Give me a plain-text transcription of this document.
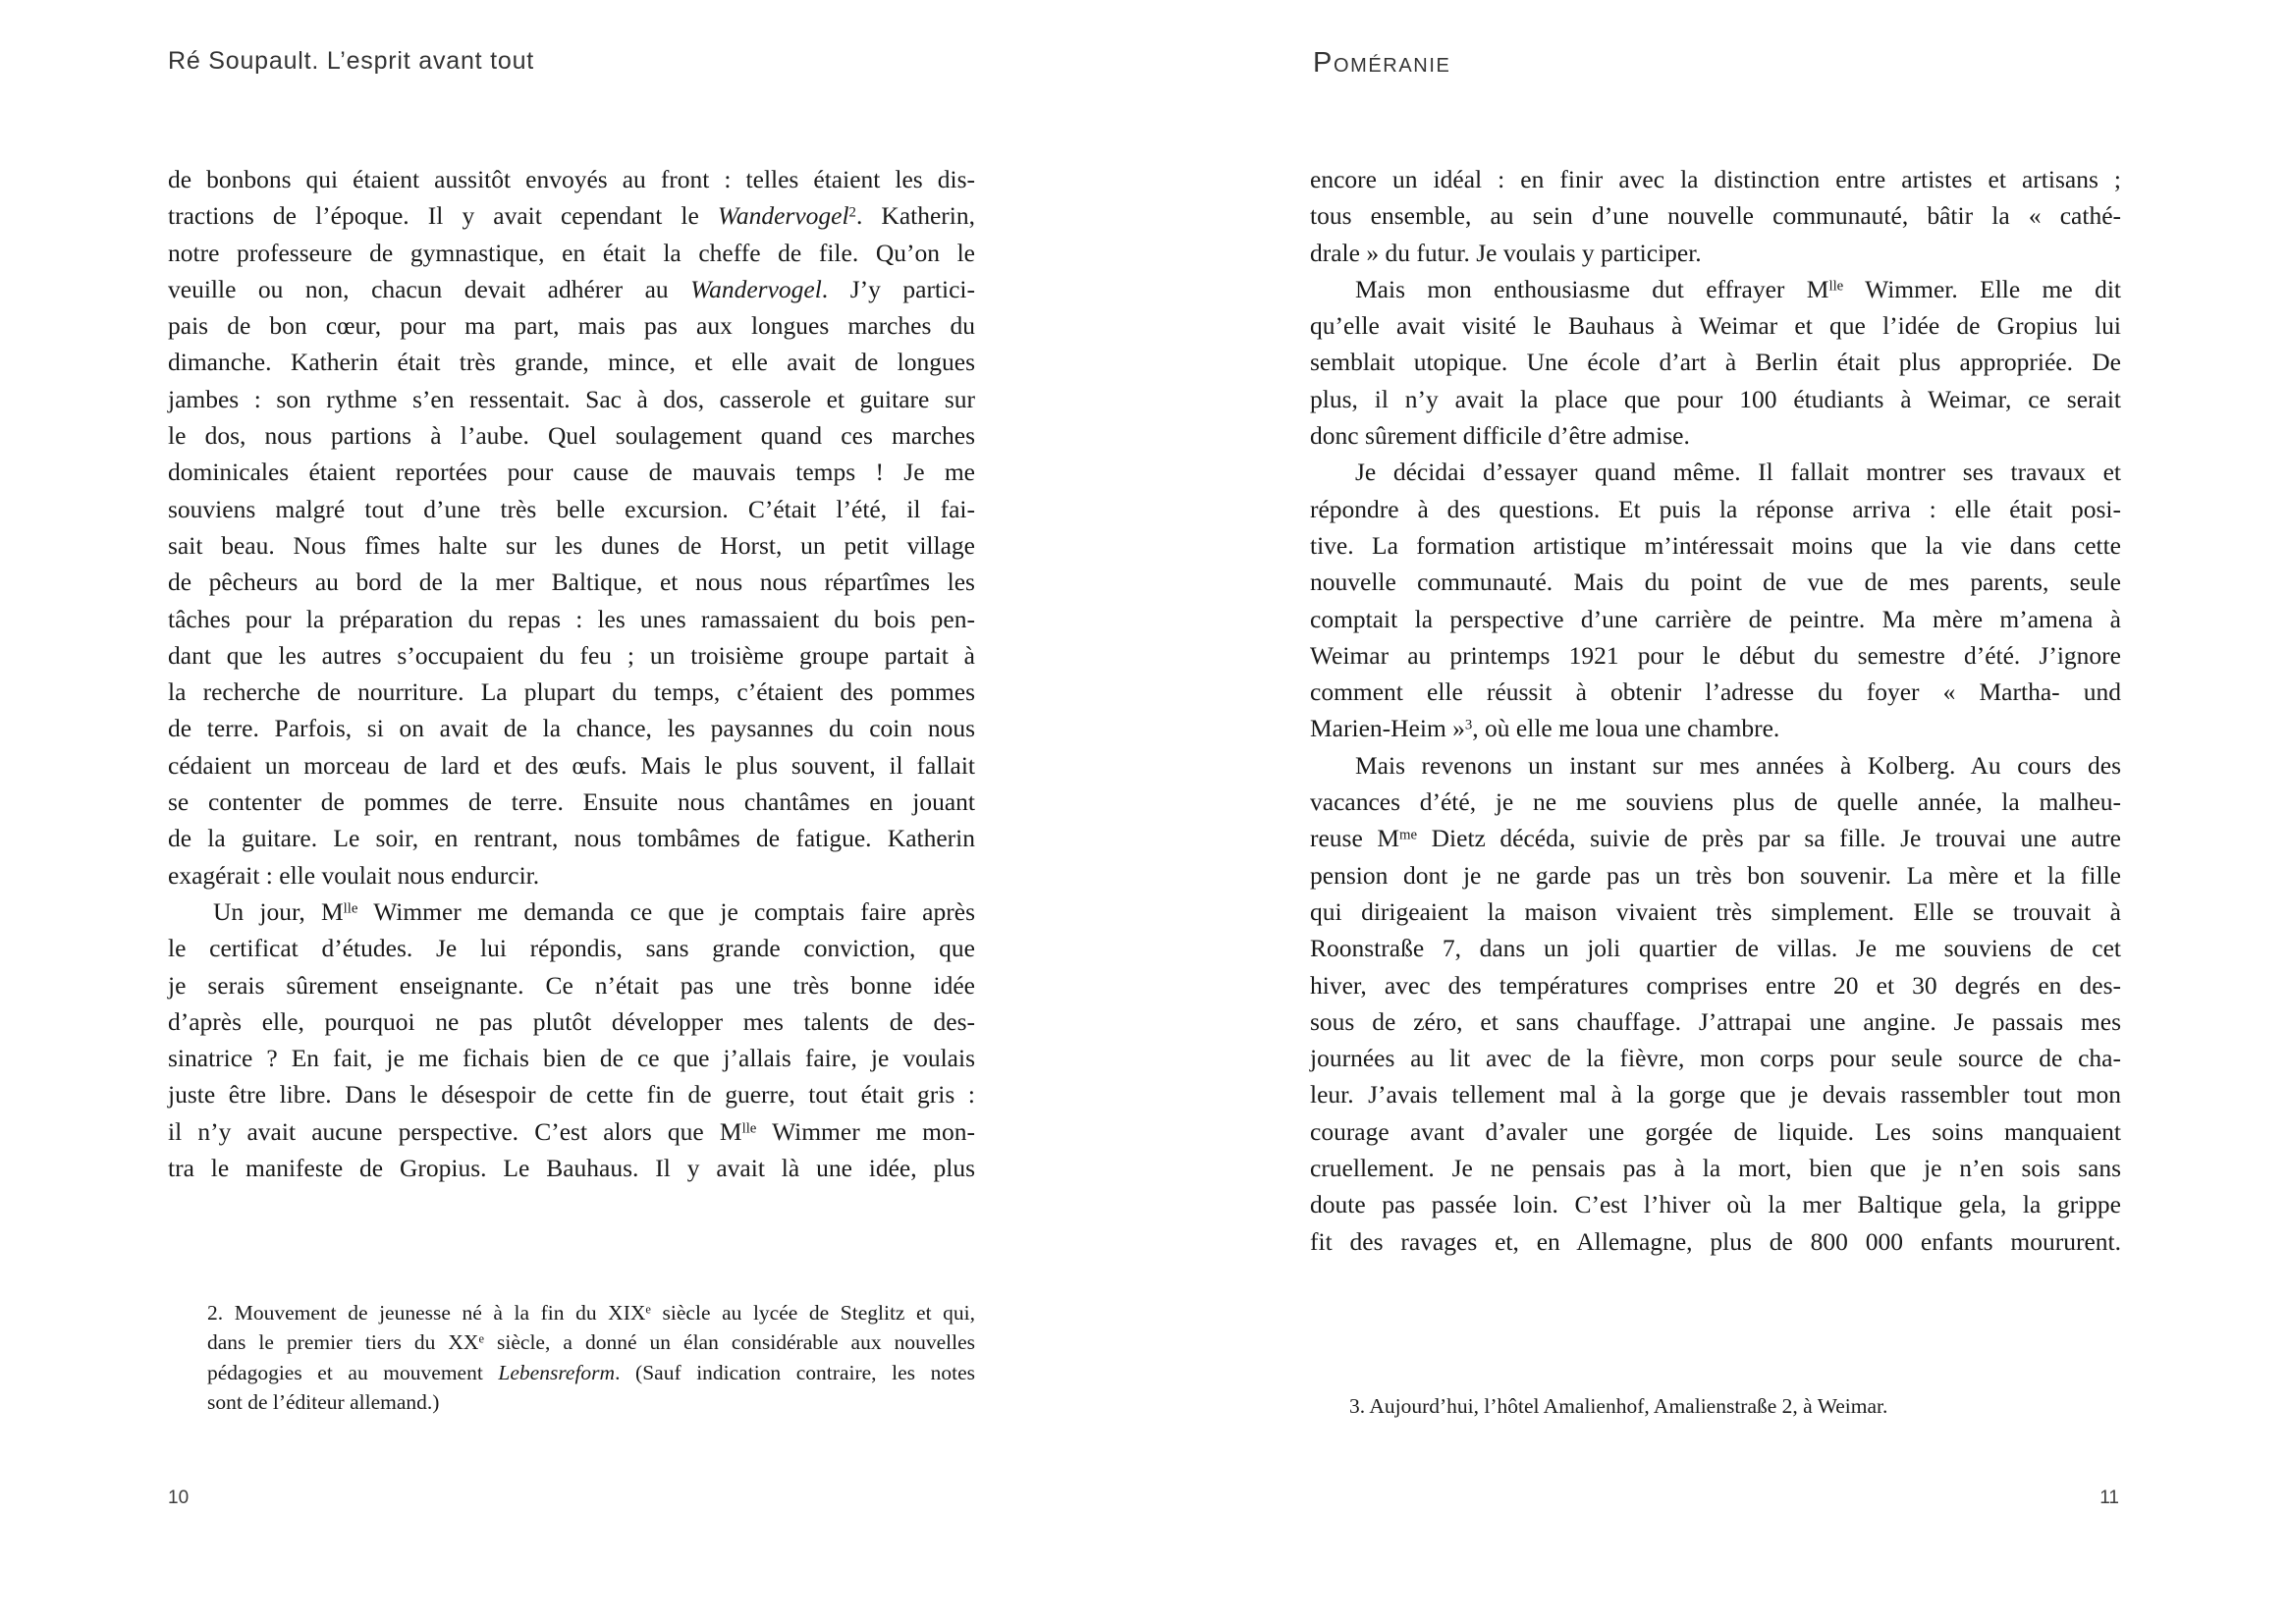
Ré Soupault. L’esprit avant tout	Poméranie
de bonbons qui étaient aussitôt envoyés au front : telles étaient les dis-
tractions de l’époque. Il y avait cependant le Wandervogel$^2$. Katherin,
notre professeure de gymnastique, en était la cheffe de file. Qu’on le
veuille ou non, chacun devait adhérer au Wandervogel. J’y partici-
pais de bon cœur, pour ma part, mais pas aux longues marches du
dimanche. Katherin était très grande, mince, et elle avait de longues
jambes : son rythme s’en ressentait. Sac à dos, casserole et guitare sur
le dos, nous partions à l’aube. Quel soulagement quand ces marches
dominicales étaient reportées pour cause de mauvais temps ! Je me
souviens malgré tout d’une très belle excursion. C’était l’été, il fai-
sait beau. Nous fîmes halte sur les dunes de Horst, un petit village
de pêcheurs au bord de la mer Baltique, et nous nous répartîmes les
tâches pour la préparation du repas : les unes ramassaient du bois pen-
dant que les autres s’occupaient du feu ; un troisième groupe partait à
la recherche de nourriture. La plupart du temps, c’étaient des pommes
de terre. Parfois, si on avait de la chance, les paysannes du coin nous
cédaient un morceau de lard et des œufs. Mais le plus souvent, il fallait
se contenter de pommes de terre. Ensuite nous chantâmes en jouant
de la guitare. Le soir, en rentrant, nous tombâmes de fatigue. Katherin
exagérait : elle voulait nous endurcir.
Un jour, $M^{lle}$ Wimmer me demanda ce que je comptais faire après
le certificat d’études. Je lui répondis, sans grande conviction, que
je serais sûrement enseignante. Ce n’était pas une très bonne idée
d’après elle, pourquoi ne pas plutôt développer mes talents de des-
sinatrice ? En fait, je me fichais bien de ce que j’allais faire, je voulais
juste être libre. Dans le désespoir de cette fin de guerre, tout était gris :
il n’y avait aucune perspective. C’est alors que $M^{lle}$ Wimmer me mon-
tra le manifeste de Gropius. Le Bauhaus. Il y avait là une idée, plus
encore un idéal : en finir avec la distinction entre artistes et artisans ;
tous ensemble, au sein d’une nouvelle communauté, bâtir la « cathé-
drale » du futur. Je voulais y participer.
Mais mon enthousiasme dut effrayer $M^{lle}$ Wimmer. Elle me dit
qu’elle avait visité le Bauhaus à Weimar et que l’idée de Gropius lui
semblait utopique. Une école d’art à Berlin était plus appropriée. De
plus, il n’y avait la place que pour 100 étudiants à Weimar, ce serait
donc sûrement difficile d’être admise.
Je décidai d’essayer quand même. Il fallait montrer ses travaux et
répondre à des questions. Et puis la réponse arriva : elle était posi-
tive. La formation artistique m’intéressait moins que la vie dans cette
nouvelle communauté. Mais du point de vue de mes parents, seule
comptait la perspective d’une carrière de peintre. Ma mère m’amena à
Weimar au printemps 1921 pour le début du semestre d’été. J’ignore
comment elle réussit à obtenir l’adresse du foyer « Martha- und
Marien-Heim »$^3$, où elle me loua une chambre.
Mais revenons un instant sur mes années à Kolberg. Au cours des
vacances d’été, je ne me souviens plus de quelle année, la malheu-
reuse $M^{me}$ Dietz décéda, suivie de près par sa fille. Je trouvai une autre
pension dont je ne garde pas un très bon souvenir. La mère et la fille
qui dirigeaient la maison vivaient très simplement. Elle se trouvait à
Roonstraße 7, dans un joli quartier de villas. Je me souviens de cet
hiver, avec des températures comprises entre 20 et 30 degrés en des-
sous de zéro, et sans chauffage. J’attrapai une angine. Je passais mes
journées au lit avec de la fièvre, mon corps pour seule source de cha-
leur. J’avais tellement mal à la gorge que je devais rassembler tout mon
courage avant d’avaler une gorgée de liquide. Les soins manquaient
cruellement. Je ne pensais pas à la mort, bien que je n’en sois sans
doute pas passée loin. C’est l’hiver où la mer Baltique gela, la grippe
fit des ravages et, en Allemagne, plus de 800 000 enfants moururent.
2. Mouvement de jeunesse né à la fin du XIXe siècle au lycée de Steglitz et qui,
dans le premier tiers du XXe siècle, a donné un élan considérable aux nouvelles
pédagogies et au mouvement Lebensreform. (Sauf indication contraire, les notes
sont de l’éditeur allemand.)	3. Aujourd’hui, l’hôtel Amalienhof, Amalienstraße 2, à Weimar.
10	11
